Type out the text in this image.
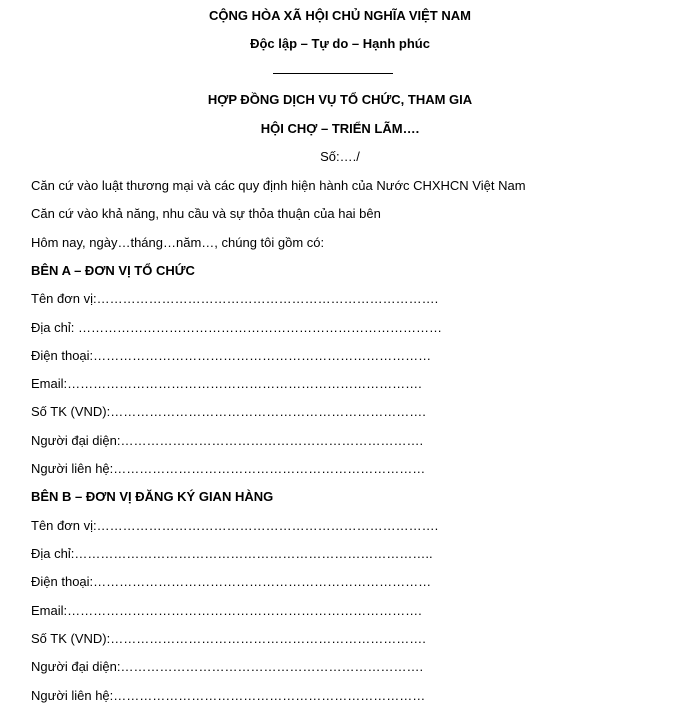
CỘNG HÒA XÃ HỘI CHỦ NGHĨA VIỆT NAM
Độc lập – Tự do – Hạnh phúc
HỢP ĐỒNG DỊCH VỤ TỔ CHỨC, THAM GIA
HỘI CHỢ – TRIỂN LÃM….
Số:…./
Căn cứ vào luật thương mại và các quy định hiện hành của Nước CHXHCN Việt Nam
Căn cứ vào khả năng, nhu cầu và sự thỏa thuận của hai bên
Hôm nay, ngày…tháng…năm…, chúng tôi gồm có:
BÊN A – ĐƠN VỊ TỔ CHỨC
Tên đơn vị:…………………………………………………………………….
Địa chỉ: …………………………………………………………………………
Điện thoại:……………………………………………………………………
Email:……………………………………………………………………….
Số TK (VND):……………………………………………………………….
Người đại diện:…………………………………………………………….
Người liên hệ:………………………………………………………………
BÊN B – ĐƠN VỊ ĐĂNG KÝ GIAN HÀNG
Tên đơn vị:…………………………………………………………………….
Địa chỉ:………………………………………………………………………..
Điện thoại:……………………………………………………………………
Email:……………………………………………………………………….
Số TK (VND):……………………………………………………………….
Người đại diện:…………………………………………………………….
Người liên hệ:………………………………………………………………
